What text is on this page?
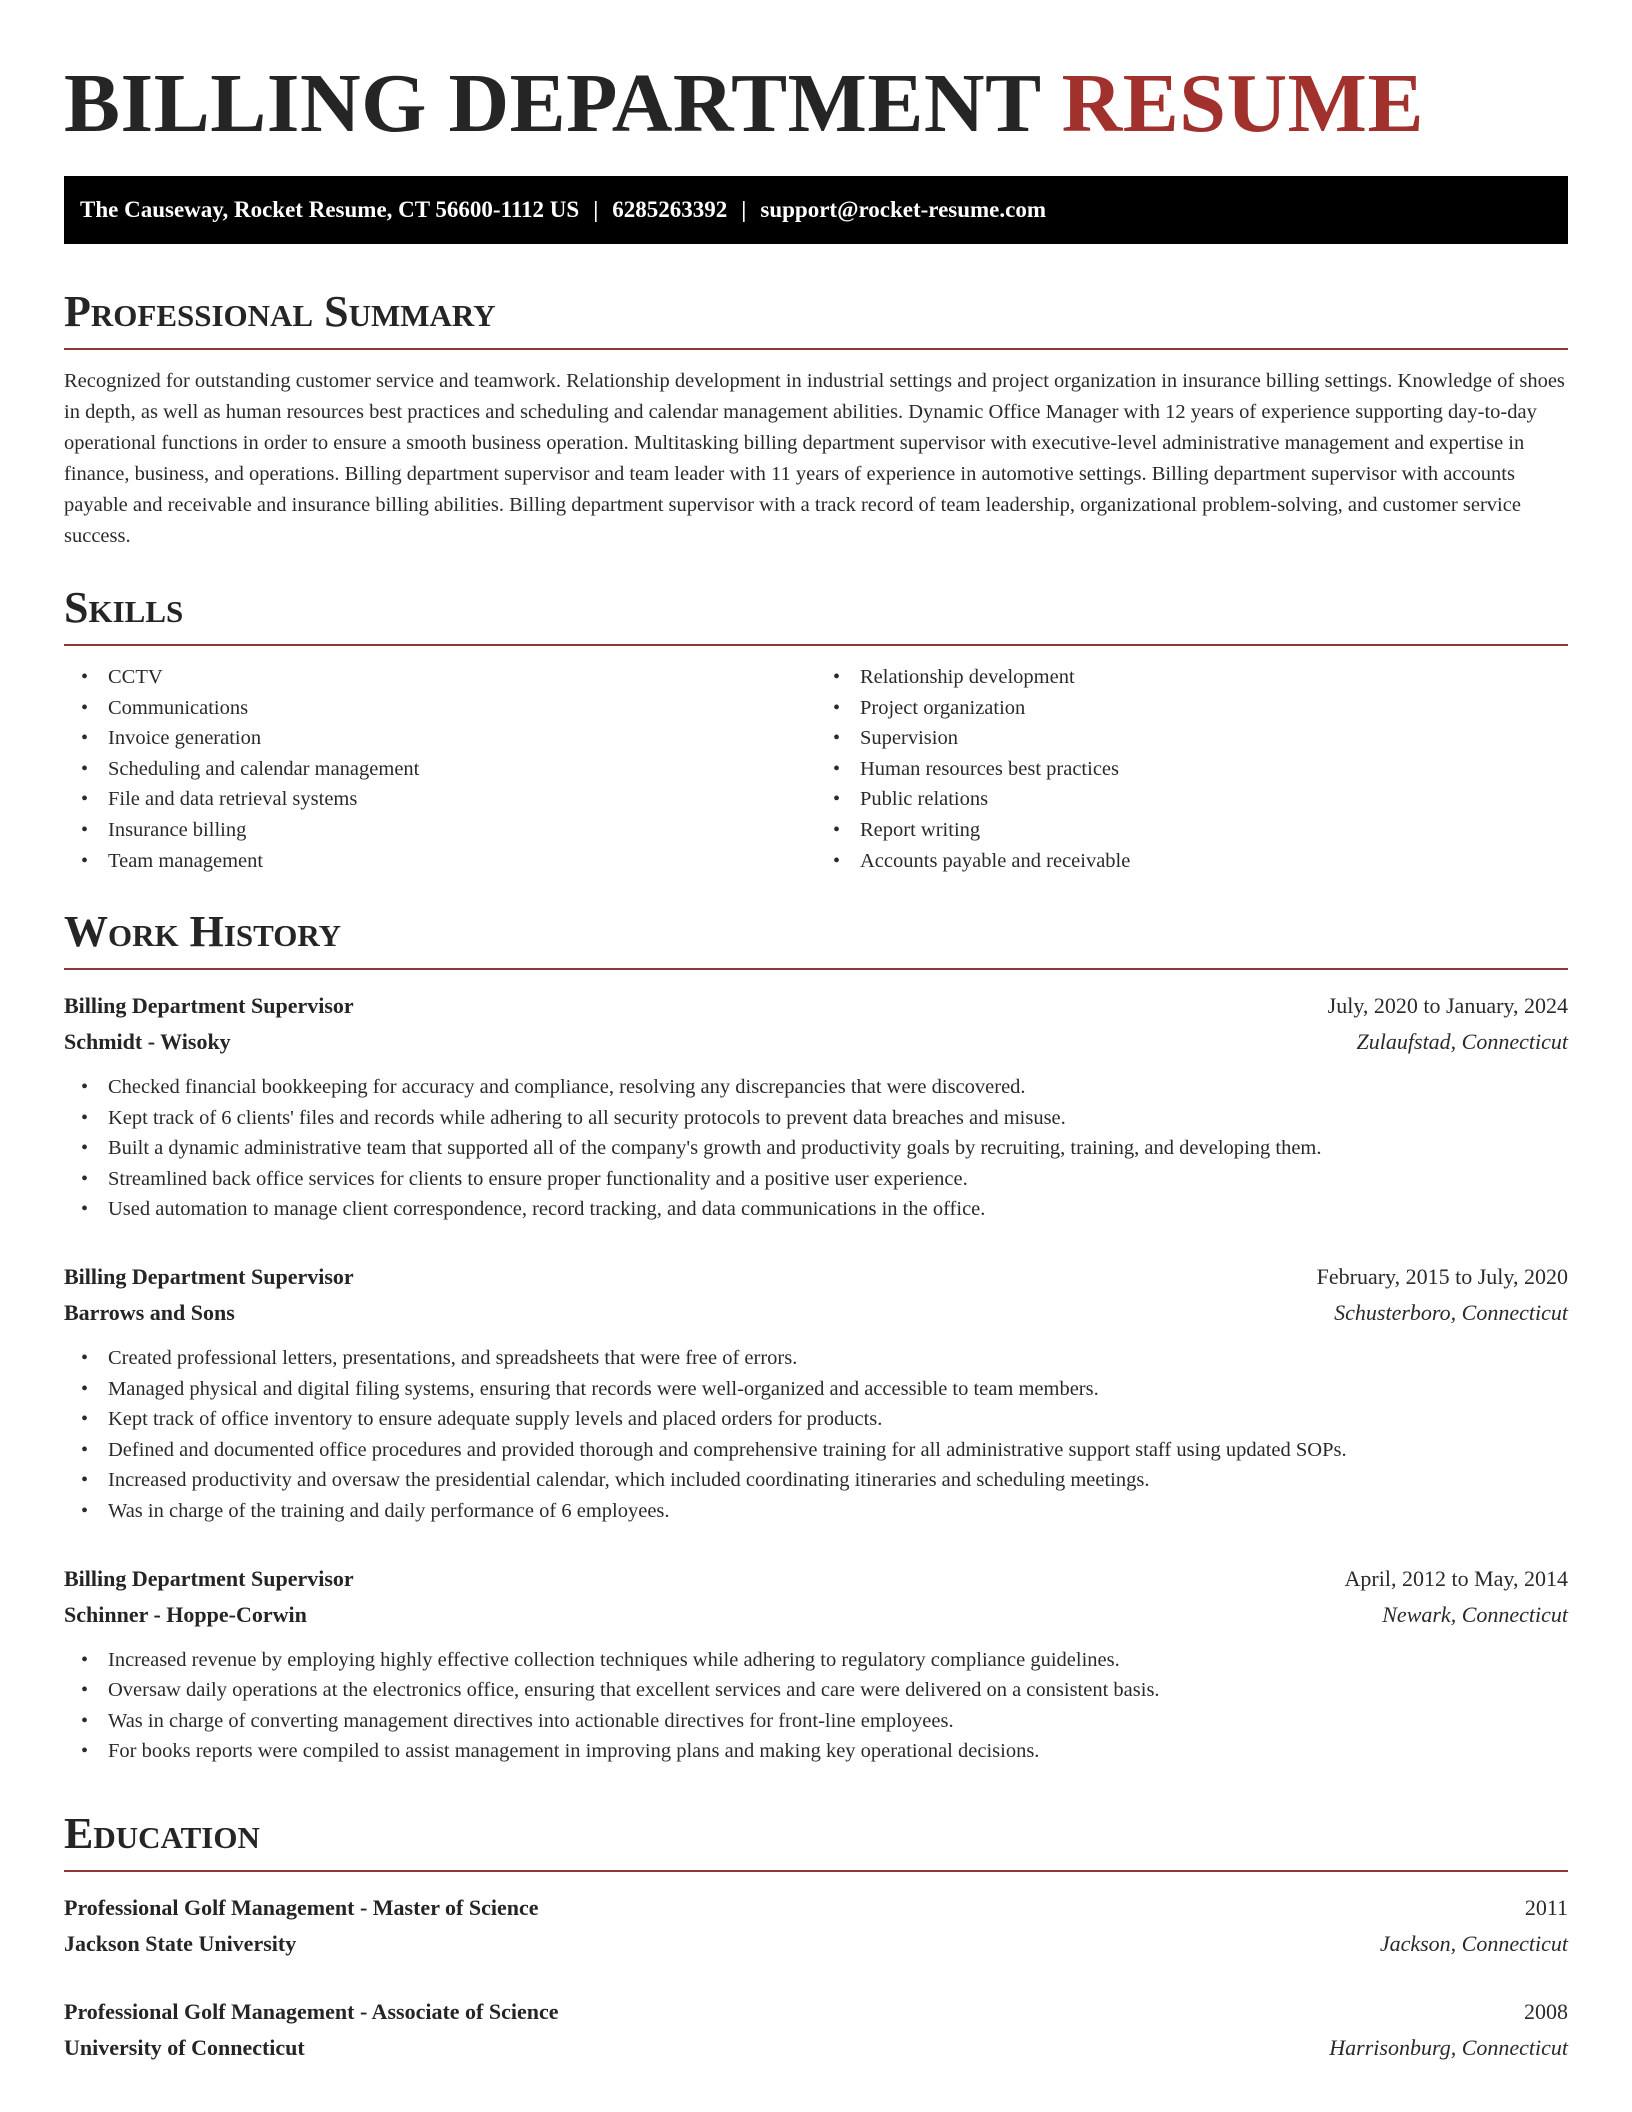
BILLING DEPARTMENT RESUME
The Causeway, Rocket Resume, CT 56600-1112 US | 6285263392 | support@rocket-resume.com
Professional Summary

Recognized for outstanding customer service and teamwork. Relationship development in industrial settings and project organization in insurance billing settings. Knowledge of shoes in depth, as well as human resources best practices and scheduling and calendar management abilities. Dynamic Office Manager with 12 years of experience supporting day-to-day operational functions in order to ensure a smooth business operation. Multitasking billing department supervisor with executive-level administrative management and expertise in finance, business, and operations. Billing department supervisor and team leader with 11 years of experience in automotive settings. Billing department supervisor with accounts payable and receivable and insurance billing abilities. Billing department supervisor with a track record of team leadership, organizational problem-solving, and customer service success.

Skills
• CCTV
• Communications
• Invoice generation
• Scheduling and calendar management
• File and data retrieval systems
• Insurance billing
• Team management
• Relationship development
• Project organization
• Supervision
• Human resources best practices
• Public relations
• Report writing
• Accounts payable and receivable
Work History
Billing Department Supervisor	July, 2020 to January, 2024
Schmidt - Wisoky	Zulaufstad, Connecticut
• Checked financial bookkeeping for accuracy and compliance, resolving any discrepancies that were discovered.
• Kept track of 6 clients' files and records while adhering to all security protocols to prevent data breaches and misuse.
• Built a dynamic administrative team that supported all of the company's growth and productivity goals by recruiting, training, and developing them.
• Streamlined back office services for clients to ensure proper functionality and a positive user experience.
• Used automation to manage client correspondence, record tracking, and data communications in the office.
Billing Department Supervisor	February, 2015 to July, 2020
Barrows and Sons	Schusterboro, Connecticut
• Created professional letters, presentations, and spreadsheets that were free of errors.
• Managed physical and digital filing systems, ensuring that records were well-organized and accessible to team members.
• Kept track of office inventory to ensure adequate supply levels and placed orders for products.
• Defined and documented office procedures and provided thorough and comprehensive training for all administrative support staff using updated SOPs.
• Increased productivity and oversaw the presidential calendar, which included coordinating itineraries and scheduling meetings.
• Was in charge of the training and daily performance of 6 employees.
Billing Department Supervisor	April, 2012 to May, 2014
Schinner - Hoppe-Corwin	Newark, Connecticut
• Increased revenue by employing highly effective collection techniques while adhering to regulatory compliance guidelines.
• Oversaw daily operations at the electronics office, ensuring that excellent services and care were delivered on a consistent basis.
• Was in charge of converting management directives into actionable directives for front-line employees.
• For books reports were compiled to assist management in improving plans and making key operational decisions.
Education
Professional Golf Management - Master of Science	2011
Jackson State University	Jackson, Connecticut
Professional Golf Management - Associate of Science	2008
University of Connecticut	Harrisonburg, Connecticut
